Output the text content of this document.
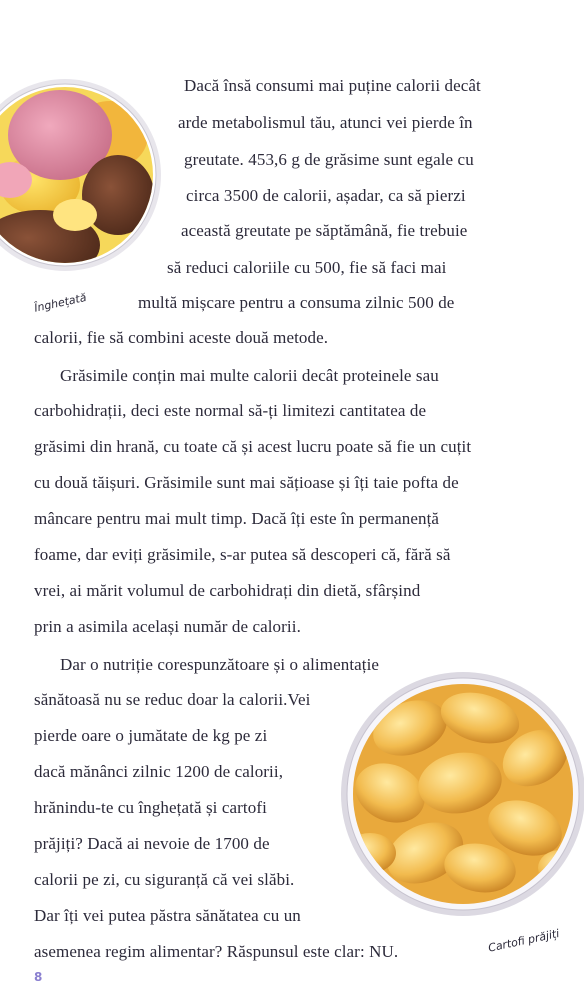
Înghețată
Cartofi prăjiți
Dacă însă consumi mai puține calorii decât
arde metabolismul tău, atunci vei pierde în
greutate. 453,6 g de grăsime sunt egale cu
circa 3500 de calorii, așadar, ca să pierzi
această greutate pe săptămână, fie trebuie
să reduci caloriile cu 500, fie să faci mai
multă mișcare pentru a consuma zilnic 500 de
calorii, fie să combini aceste două metode.
Grăsimile conțin mai multe calorii decât proteinele sau
carbohidrații, deci este normal să-ți limitezi cantitatea de
grăsimi din hrană, cu toate că și acest lucru poate să fie un cuțit
cu două tăișuri. Grăsimile sunt mai sățioase și îți taie pofta de
mâncare pentru mai mult timp. Dacă îți este în permanență
foame, dar eviți grăsimile, s-ar putea să descoperi că, fără să
vrei, ai mărit volumul de carbohidrați din dietă, sfârșind
prin a asimila același număr de calorii.
Dar o nutriție corespunzătoare și o alimentație
sănătoasă nu se reduc doar la calorii.Vei
pierde oare o jumătate de kg pe zi
dacă mănânci zilnic 1200 de calorii,
hrănindu-te cu înghețată și cartofi
prăjiți? Dacă ai nevoie de 1700 de
calorii pe zi, cu siguranță că vei slăbi.
Dar îți vei putea păstra sănătatea cu un
asemenea regim alimentar? Răspunsul este clar: NU.
8
